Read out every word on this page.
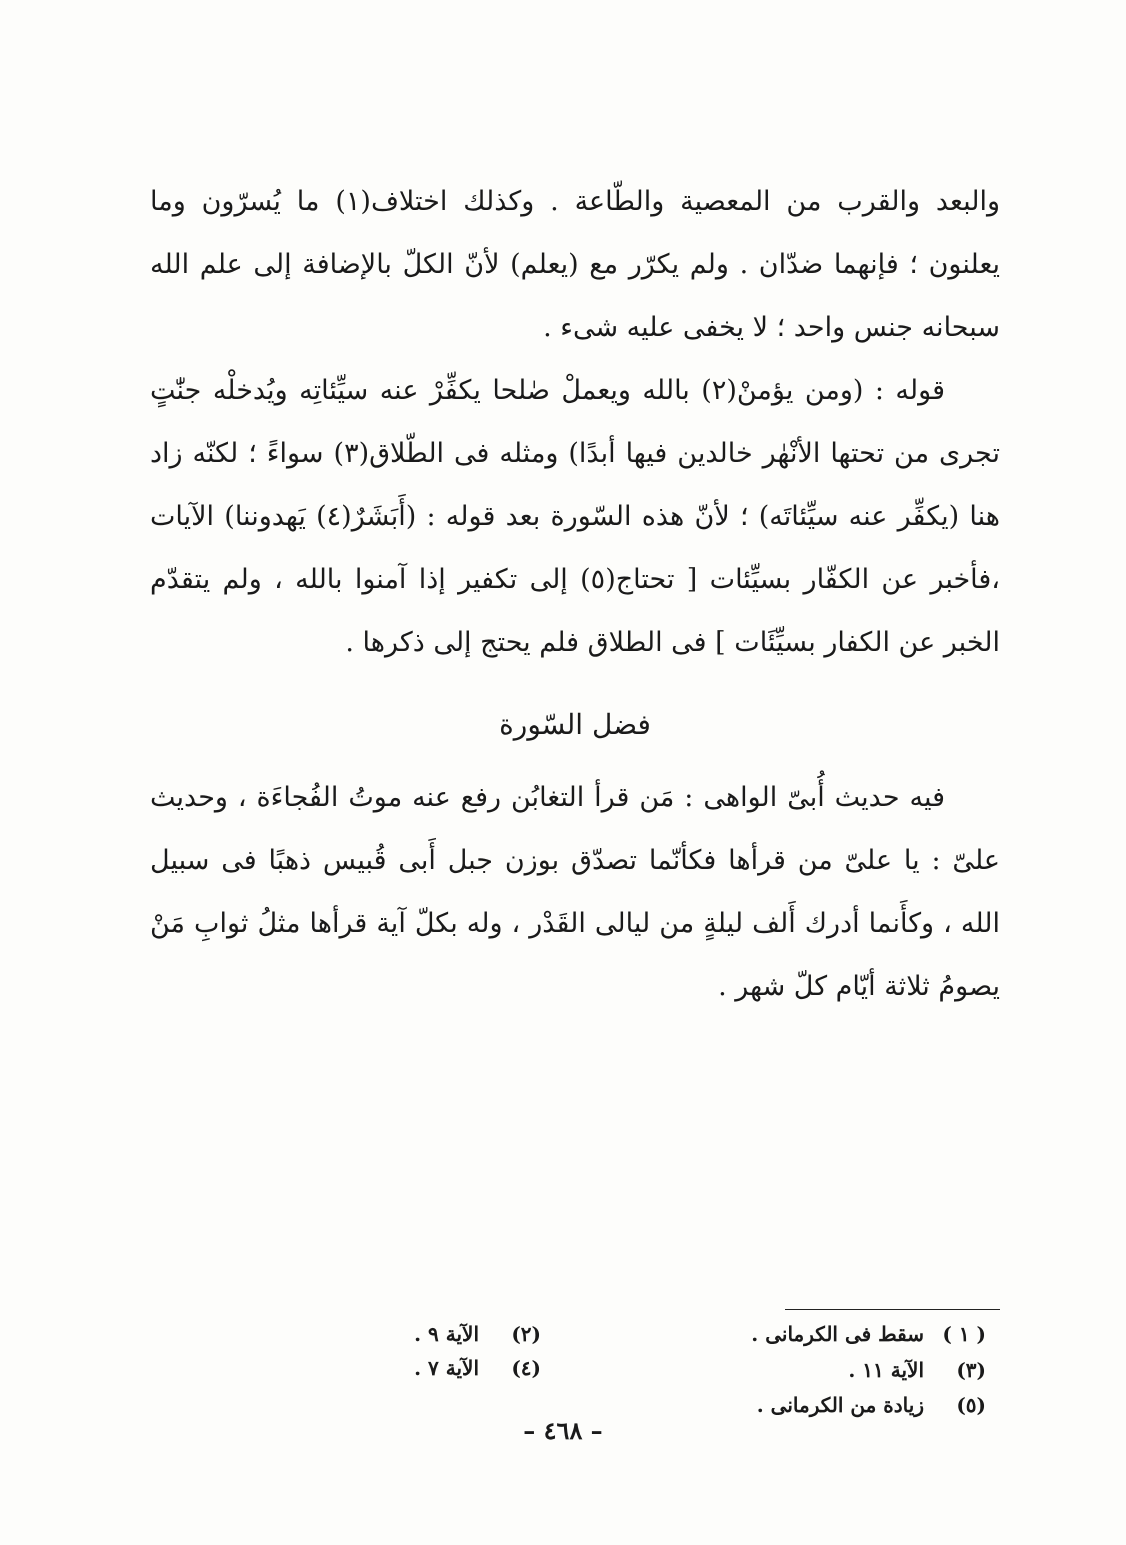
والبعد والقرب من المعصية والطّاعة . وكذلك اختلاف(١) ما يُسرّون وما يعلنون ؛ فإنهما ضدّان . ولم يكرّر مع (يعلم) لأنّ الكلّ بالإضافة إلى علم الله سبحانه جنس واحد ؛ لا يخفى عليه شىء .

قوله : (ومن يؤمنْ(٢) بالله ويعملْ صٰلحا يكفِّرْ عنه سيِّئاتِه ويُدخلْه جنّٰتٍ تجرى من تحتها الأنْهٰر خالدين فيها أبدًا) ومثله فى الطّلاق(٣) سواءً ؛ لكنّه زاد هنا (يكفِّر عنه سيِّئاتَه) ؛ لأنّ هذه السّورة بعد قوله : (أَبَشَرٌ(٤) يَهدوننا) الآيات ،فأخبر عن الكفّار بسيِّئات [ تحتاج(٥) إلى تكفير إذا آمنوا بالله ، ولم يتقدّم الخبر عن الكفار بسيِّئَات ] فى الطلاق فلم يحتج إلى ذكرها .

فضل السّورة

فيه حديث أُبىّ الواهى : مَن قرأ التغابُن رفع عنه موتُ الفُجاءَة ، وحديث علىّ : يا علىّ من قرأها فكأنّما تصدّق بوزن جبل أَبى قُبيس ذهبًا فى سبيل الله ، وكأَنما أدرك أَلف ليلةٍ من ليالى القَدْر ، وله بكلّ آية قرأها مثلُ ثوابِ مَنْ يصومُ ثلاثة أيّام كلّ شهر .

( ١ )سقط فى الكرمانى .
(٢)الآية ٩ .
(٣)الآية ١١ .
(٤)الآية ٧ .
(٥)زيادة من الكرمانى .
– ٤٦٨ –
